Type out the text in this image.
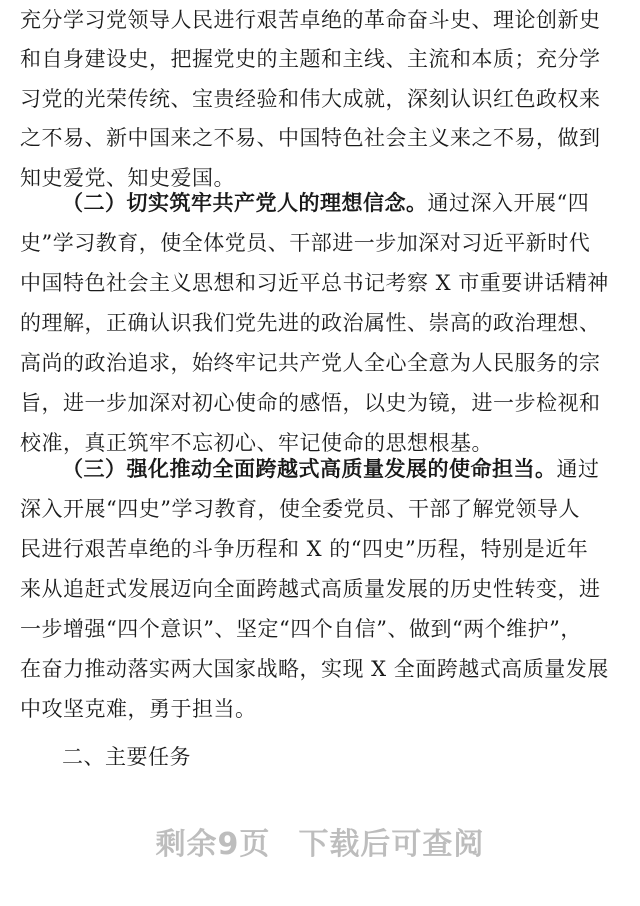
充分学习党领导人民进行艰苦卓绝的革命奋斗史、理论创新史
和自身建设史，把握党史的主题和主线、主流和本质；充分学
习党的光荣传统、宝贵经验和伟大成就，深刻认识红色政权来
之不易、新中国来之不易、中国特色社会主义来之不易，做到
知史爱党、知史爱国。
（二）切实筑牢共产党人的理想信念。通过深入开展“四
史”学习教育，使全体党员、干部进一步加深对习近平新时代
中国特色社会主义思想和习近平总书记考察 X 市重要讲话精神
的理解，正确认识我们党先进的政治属性、崇高的政治理想、
高尚的政治追求，始终牢记共产党人全心全意为人民服务的宗
旨，进一步加深对初心使命的感悟，以史为镜，进一步检视和
校准，真正筑牢不忘初心、牢记使命的思想根基。
（三）强化推动全面跨越式高质量发展的使命担当。通过
深入开展“四史”学习教育，使全委党员、干部了解党领导人
民进行艰苦卓绝的斗争历程和 X 的“四史”历程，特别是近年
来从追赶式发展迈向全面跨越式高质量发展的历史性转变，进
一步增强“四个意识”、坚定“四个自信”、做到“两个维护”，
在奋力推动落实两大国家战略，实现 X 全面跨越式高质量发展
中攻坚克难，勇于担当。
二、主要任务
剩余9页 下载后可查阅
